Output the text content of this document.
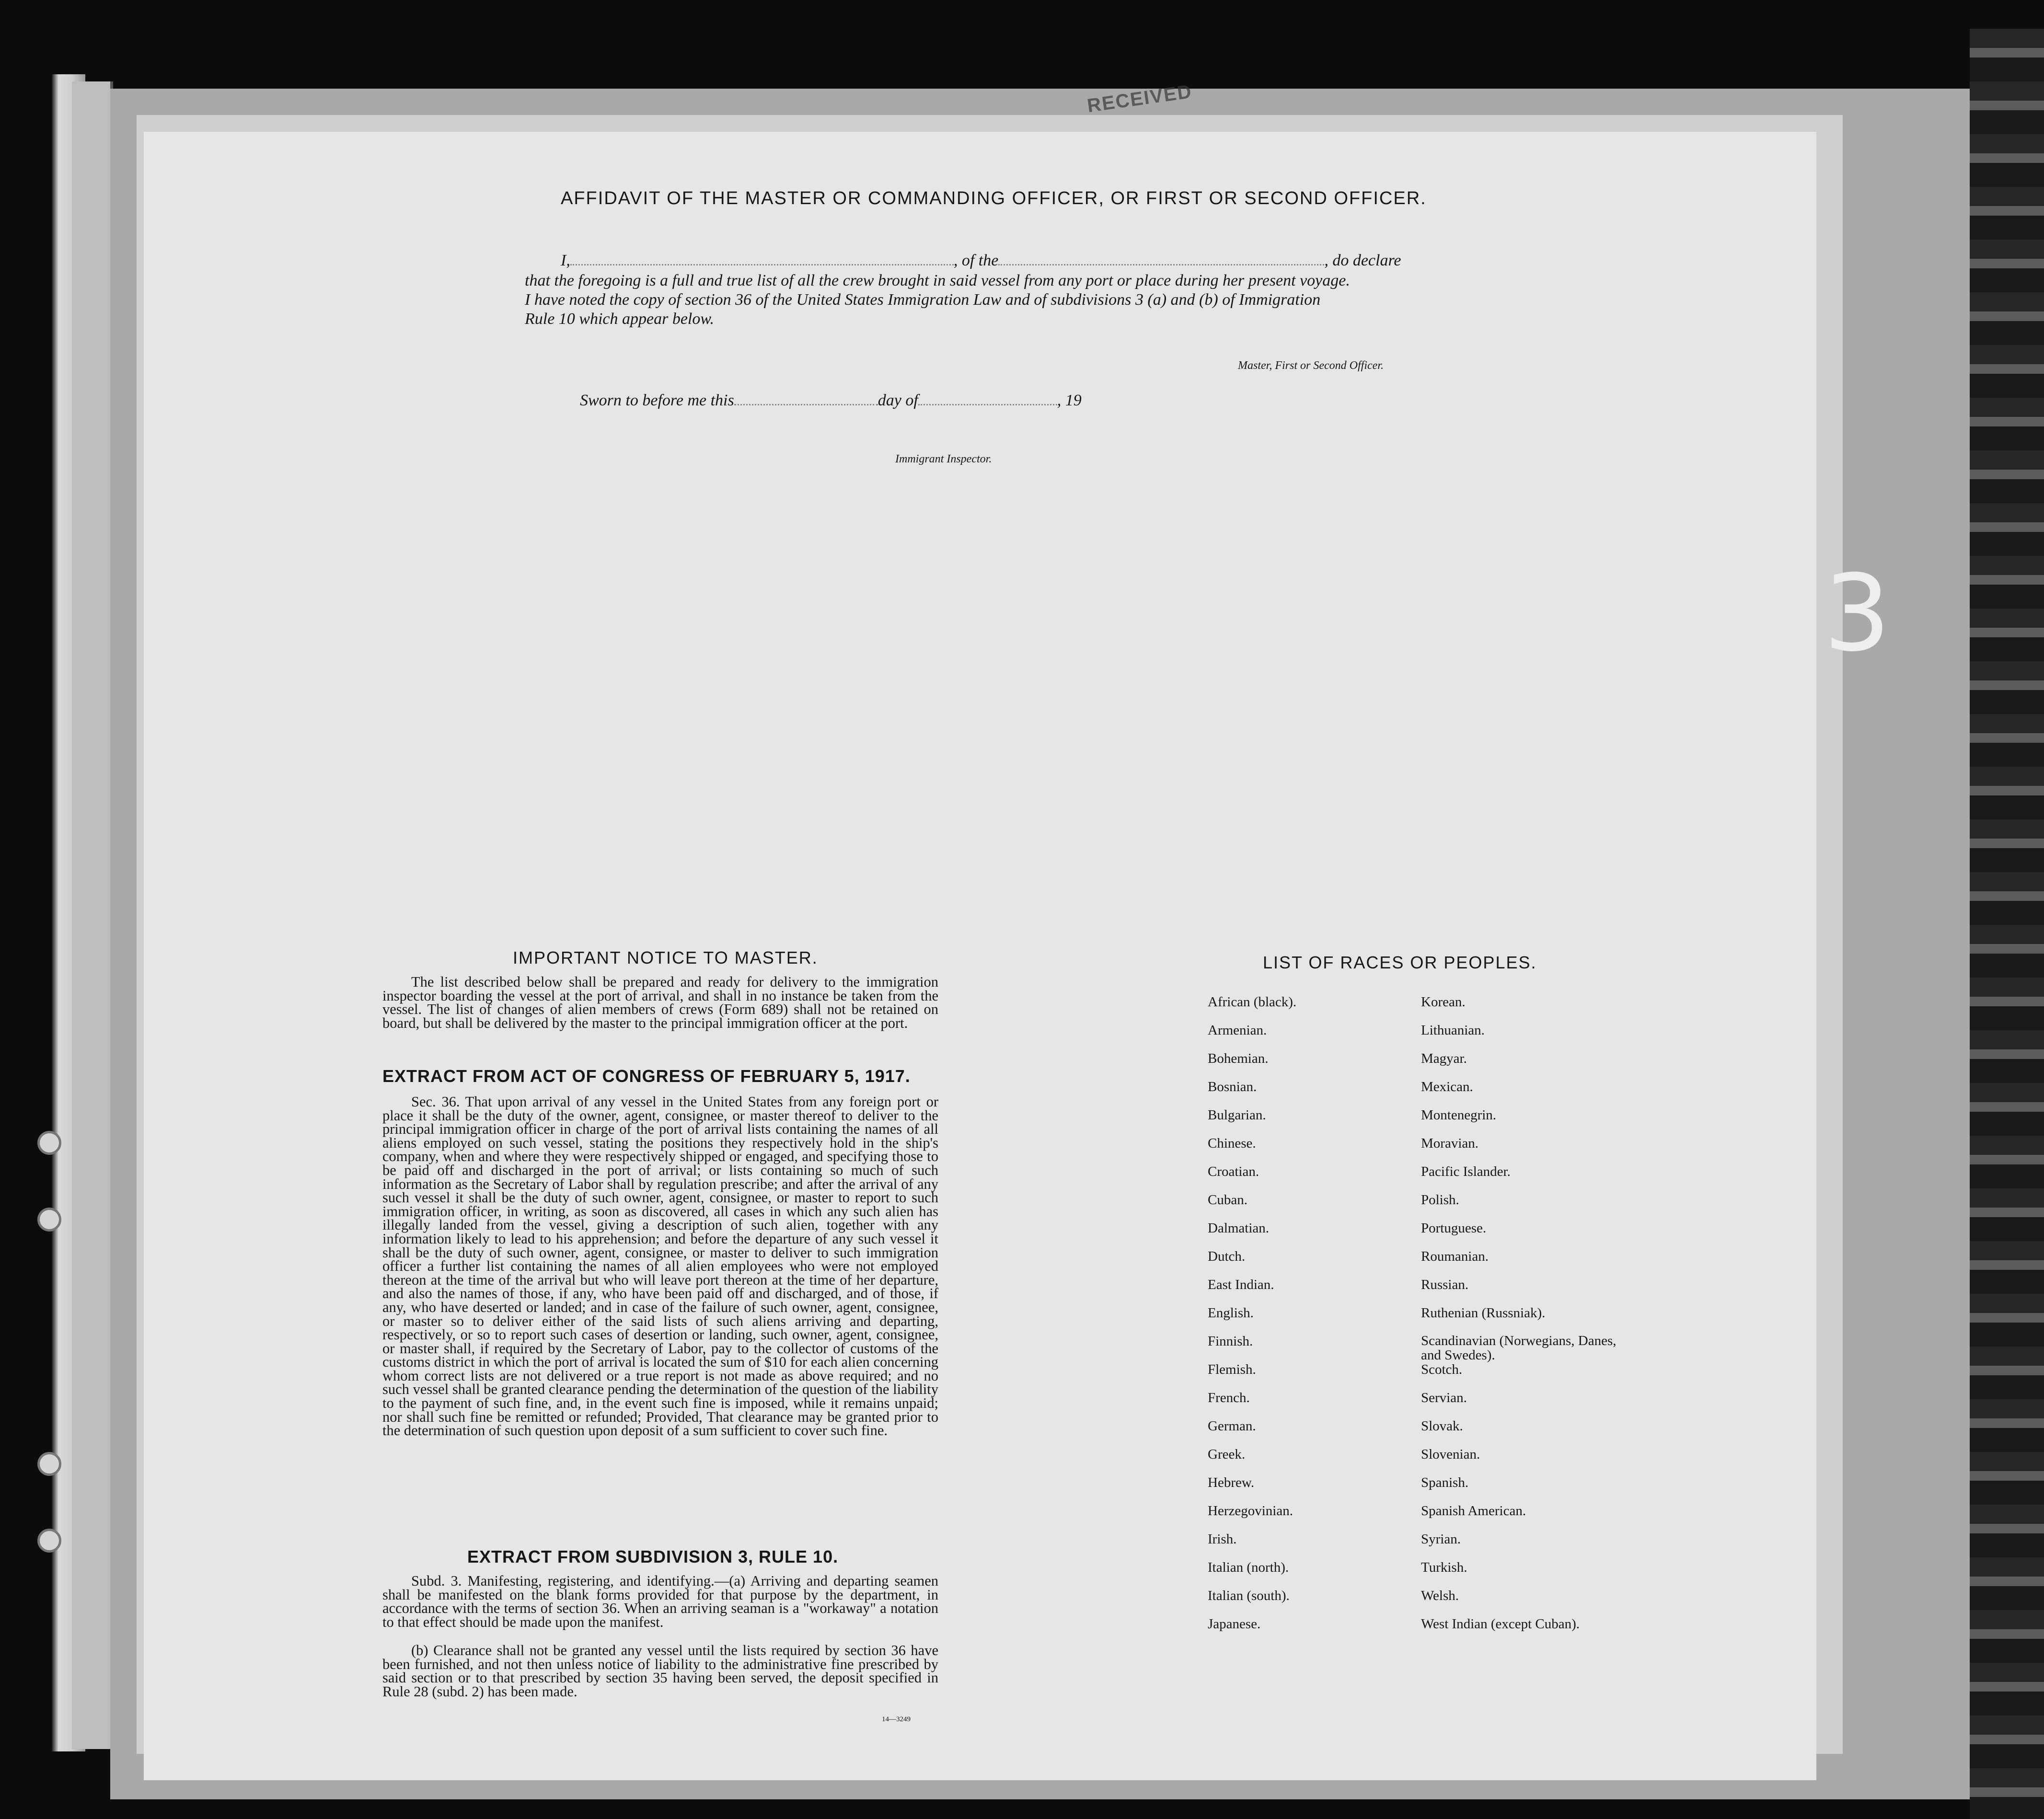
RECEIVED
3
AFFIDAVIT OF THE MASTER OR COMMANDING OFFICER, OR FIRST OR SECOND OFFICER.
I,	, of the	, do declare
that the foregoing is a full and true list of all the crew brought in said vessel from any port or place during her present voyage.
I have noted the copy of section 36 of the United States Immigration Law and of subdivisions 3 (a) and (b) of Immigration
Rule 10 which appear below.
Master, First or Second Officer.
Sworn to before me this	day of	, 19
Immigrant Inspector.
IMPORTANT NOTICE TO MASTER.
The list described below shall be prepared and ready for delivery to the immigration inspector boarding the vessel at the port of arrival, and shall in no instance be taken from the vessel. The list of changes of alien members of crews (Form 689) shall not be retained on board, but shall be delivered by the master to the principal immigration officer at the port.
EXTRACT FROM ACT OF CONGRESS OF FEBRUARY 5, 1917.
Sec. 36. That upon arrival of any vessel in the United States from any foreign port or place it shall be the duty of the owner, agent, consignee, or master thereof to deliver to the principal immigration officer in charge of the port of arrival lists containing the names of all aliens employed on such vessel, stating the positions they respectively hold in the ship's company, when and where they were respectively shipped or engaged, and specifying those to be paid off and discharged in the port of arrival; or lists containing so much of such information as the Secretary of Labor shall by regulation prescribe; and after the arrival of any such vessel it shall be the duty of such owner, agent, consignee, or master to report to such immigration officer, in writing, as soon as discovered, all cases in which any such alien has illegally landed from the vessel, giving a description of such alien, together with any information likely to lead to his apprehension; and before the departure of any such vessel it shall be the duty of such owner, agent, consignee, or master to deliver to such immigration officer a further list containing the names of all alien employees who were not employed thereon at the time of the arrival but who will leave port thereon at the time of her departure, and also the names of those, if any, who have been paid off and discharged, and of those, if any, who have deserted or landed; and in case of the failure of such owner, agent, consignee, or master so to deliver either of the said lists of such aliens arriving and departing, respectively, or so to report such cases of desertion or landing, such owner, agent, consignee, or master shall, if required by the Secretary of Labor, pay to the collector of customs of the customs district in which the port of arrival is located the sum of $10 for each alien concerning whom correct lists are not delivered or a true report is not made as above required; and no such vessel shall be granted clearance pending the determination of the question of the liability to the payment of such fine, and, in the event such fine is imposed, while it remains unpaid; nor shall such fine be remitted or refunded; Provided, That clearance may be granted prior to the determination of such question upon deposit of a sum sufficient to cover such fine.
EXTRACT FROM SUBDIVISION 3, RULE 10.
Subd. 3. Manifesting, registering, and identifying.—(a) Arriving and departing seamen shall be manifested on the blank forms provided for that purpose by the department, in accordance with the terms of section 36. When an arriving seaman is a "workaway" a notation to that effect should be made upon the manifest.
(b) Clearance shall not be granted any vessel until the lists required by section 36 have been furnished, and not then unless notice of liability to the administrative fine prescribed by said section or to that prescribed by section 35 having been served, the deposit specified in Rule 28 (subd. 2) has been made.
14—3249
LIST OF RACES OR PEOPLES.
African (black).
Armenian.
Bohemian.
Bosnian.
Bulgarian.
Chinese.
Croatian.
Cuban.
Dalmatian.
Dutch.
East Indian.
English.
Finnish.
Flemish.
French.
German.
Greek.
Hebrew.
Herzegovinian.
Irish.
Italian (north).
Italian (south).
Japanese.
Korean.
Lithuanian.
Magyar.
Mexican.
Montenegrin.
Moravian.
Pacific Islander.
Polish.
Portuguese.
Roumanian.
Russian.
Ruthenian (Russniak).
Scandinavian (Norwegians, Danes, and Swedes).
Scotch.
Servian.
Slovak.
Slovenian.
Spanish.
Spanish American.
Syrian.
Turkish.
Welsh.
West Indian (except Cuban).
